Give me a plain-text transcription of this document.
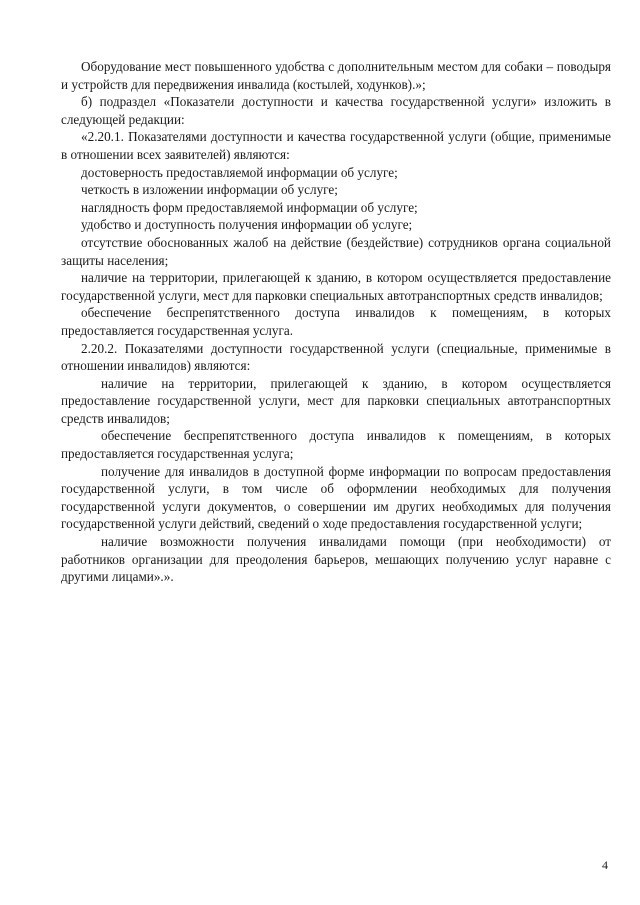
Оборудование мест повышенного удобства с дополнительным местом для собаки – поводыря и устройств для передвижения инвалида (костылей, ходунков).»;

б) подраздел «Показатели доступности и качества государственной услуги» изложить в следующей редакции:

«2.20.1. Показателями доступности и качества государственной услуги (общие, применимые в отношении всех заявителей) являются:

достоверность предоставляемой информации об услуге;

четкость в изложении информации об услуге;

наглядность форм предоставляемой информации об услуге;

удобство и доступность получения информации об услуге;

отсутствие обоснованных жалоб на действие (бездействие) сотрудников органа социальной защиты населения;

наличие на территории, прилегающей к зданию, в котором осуществляется предоставление государственной услуги, мест для парковки специальных автотранспортных средств инвалидов;

обеспечение беспрепятственного доступа инвалидов к помещениям, в которых предоставляется государственная услуга.

2.20.2. Показателями доступности государственной услуги (специальные, применимые в отношении инвалидов) являются:

наличие на территории, прилегающей к зданию, в котором осуществляется предоставление государственной услуги, мест для парковки специальных автотранспортных средств инвалидов;

обеспечение беспрепятственного доступа инвалидов к помещениям, в которых предоставляется государственная услуга;

получение для инвалидов в доступной форме информации по вопросам предоставления государственной услуги, в том числе об оформлении необходимых для получения государственной услуги документов, о совершении им других необходимых для получения государственной услуги действий, сведений о ходе предоставления государственной услуги;

наличие возможности получения инвалидами помощи (при необходимости) от работников организации для преодоления барьеров, мешающих получению услуг наравне с другими лицами».».

4
